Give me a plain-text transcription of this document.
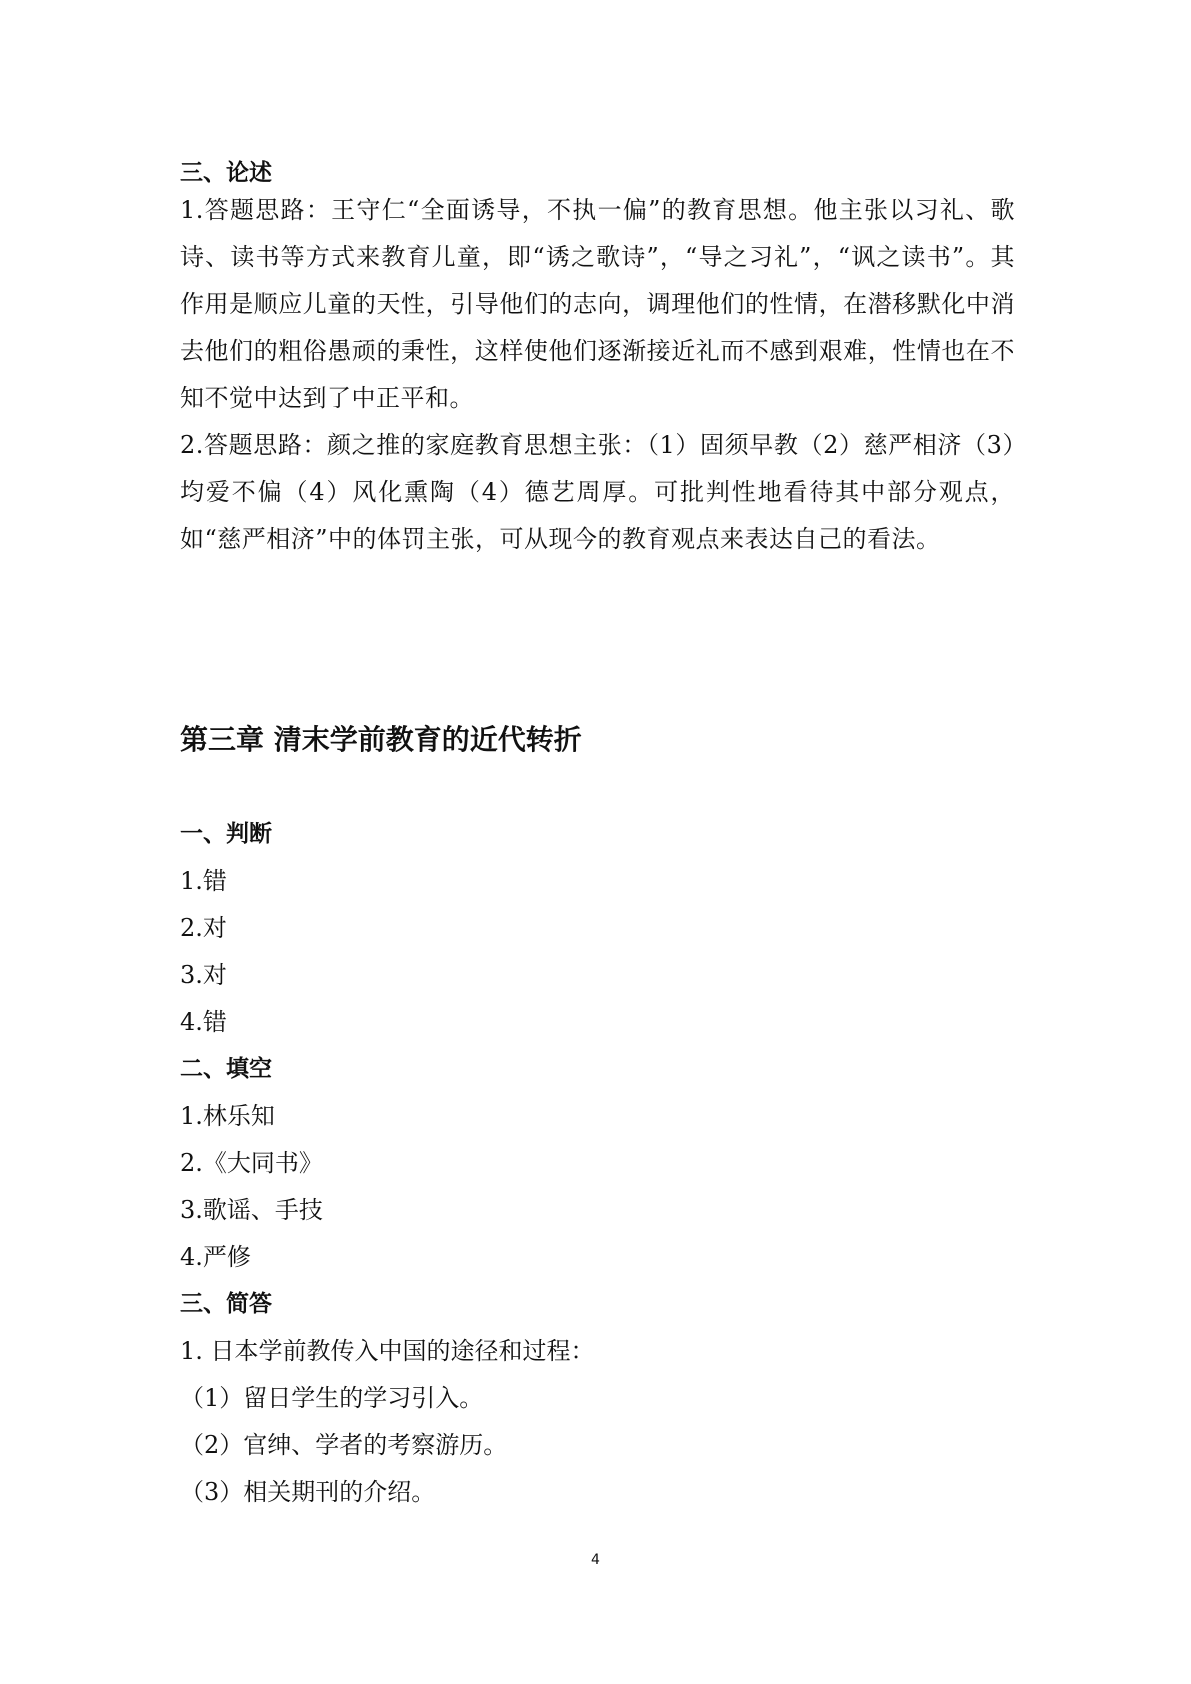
三、论述
1.答题思路：王守仁“全面诱导，不执一偏”的教育思想。他主张以习礼、歌诗、读书等方式来教育儿童，即“诱之歌诗”，“导之习礼”，“讽之读书”。其作用是顺应儿童的天性，引导他们的志向，调理他们的性情，在潜移默化中消去他们的粗俗愚顽的秉性，这样使他们逐渐接近礼而不感到艰难，性情也在不知不觉中达到了中正平和。
2.答题思路：颜之推的家庭教育思想主张：（1）固须早教（2）慈严相济（3）均爱不偏（4）风化熏陶（4）德艺周厚。可批判性地看待其中部分观点，如“慈严相济”中的体罚主张，可从现今的教育观点来表达自己的看法。
第三章 清末学前教育的近代转折
一、判断
1.错
2.对
3.对
4.错
二、填空
1.林乐知
2.《大同书》
3.歌谣、手技
4.严修
三、简答
1. 日本学前教传入中国的途径和过程：
（1）留日学生的学习引入。
（2）官绅、学者的考察游历。
（3）相关期刊的介绍。
4
